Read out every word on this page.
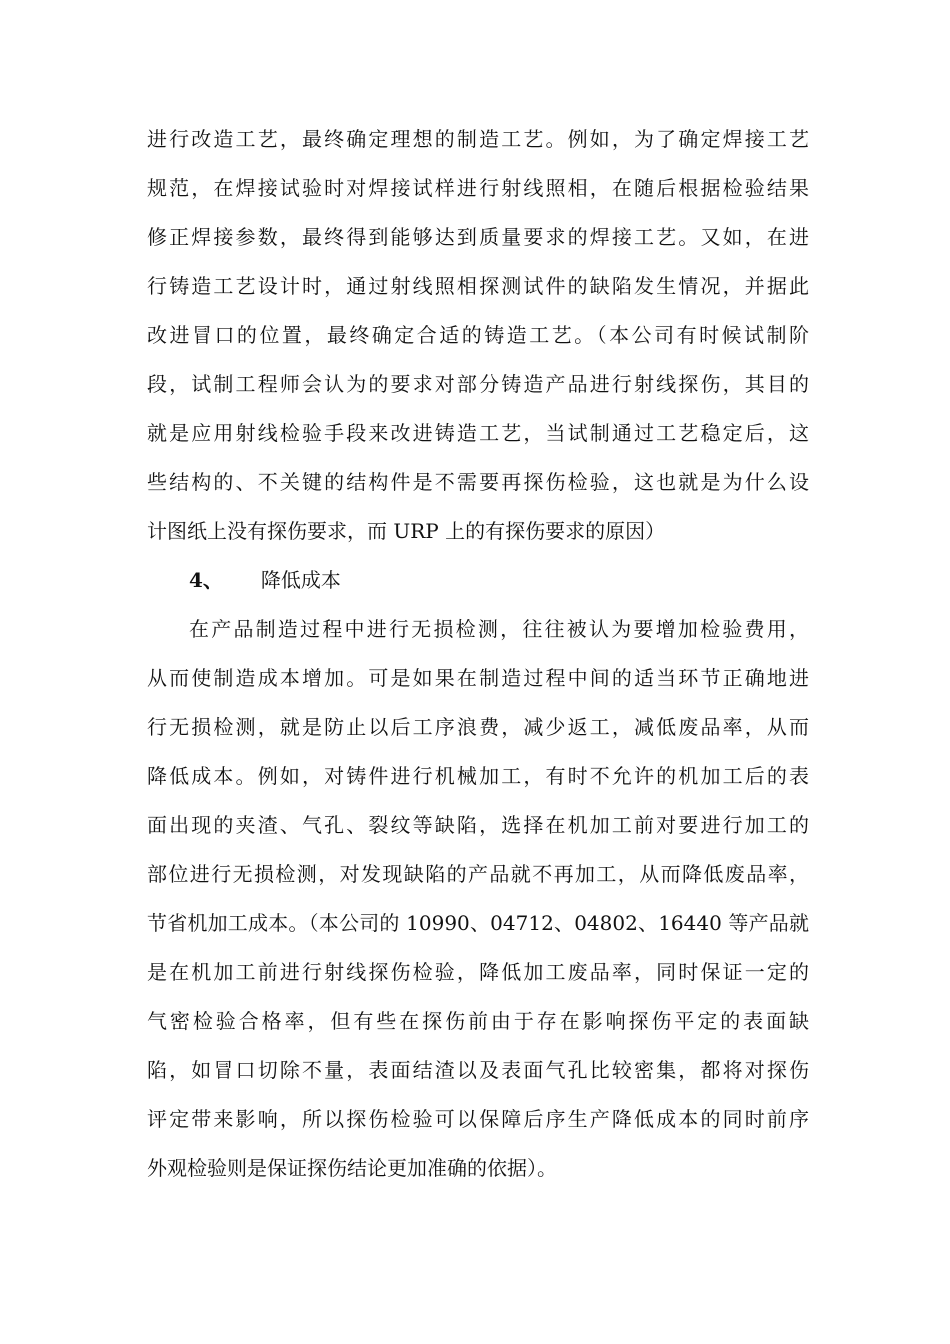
进行改造工艺，最终确定理想的制造工艺。例如，为了确定焊接工艺
规范，在焊接试验时对焊接试样进行射线照相，在随后根据检验结果
修正焊接参数，最终得到能够达到质量要求的焊接工艺。又如，在进
行铸造工艺设计时，通过射线照相探测试件的缺陷发生情况，并据此
改进冒口的位置，最终确定合适的铸造工艺。（本公司有时候试制阶
段，试制工程师会认为的要求对部分铸造产品进行射线探伤，其目的
就是应用射线检验手段来改进铸造工艺，当试制通过工艺稳定后，这
些结构的、不关键的结构件是不需要再探伤检验，这也就是为什么设
计图纸上没有探伤要求，而 URP 上的有探伤要求的原因）
4、 降低成本
在产品制造过程中进行无损检测，往往被认为要增加检验费用，
从而使制造成本增加。可是如果在制造过程中间的适当环节正确地进
行无损检测，就是防止以后工序浪费，减少返工，减低废品率，从而
降低成本。例如，对铸件进行机械加工，有时不允许的机加工后的表
面出现的夹渣、气孔、裂纹等缺陷，选择在机加工前对要进行加工的
部位进行无损检测，对发现缺陷的产品就不再加工，从而降低废品率，
节省机加工成本。（本公司的 10990、04712、04802、16440 等产品就
是在机加工前进行射线探伤检验，降低加工废品率，同时保证一定的
气密检验合格率，但有些在探伤前由于存在影响探伤平定的表面缺
陷，如冒口切除不量，表面结渣以及表面气孔比较密集，都将对探伤
评定带来影响，所以探伤检验可以保障后序生产降低成本的同时前序
外观检验则是保证探伤结论更加准确的依据）。
